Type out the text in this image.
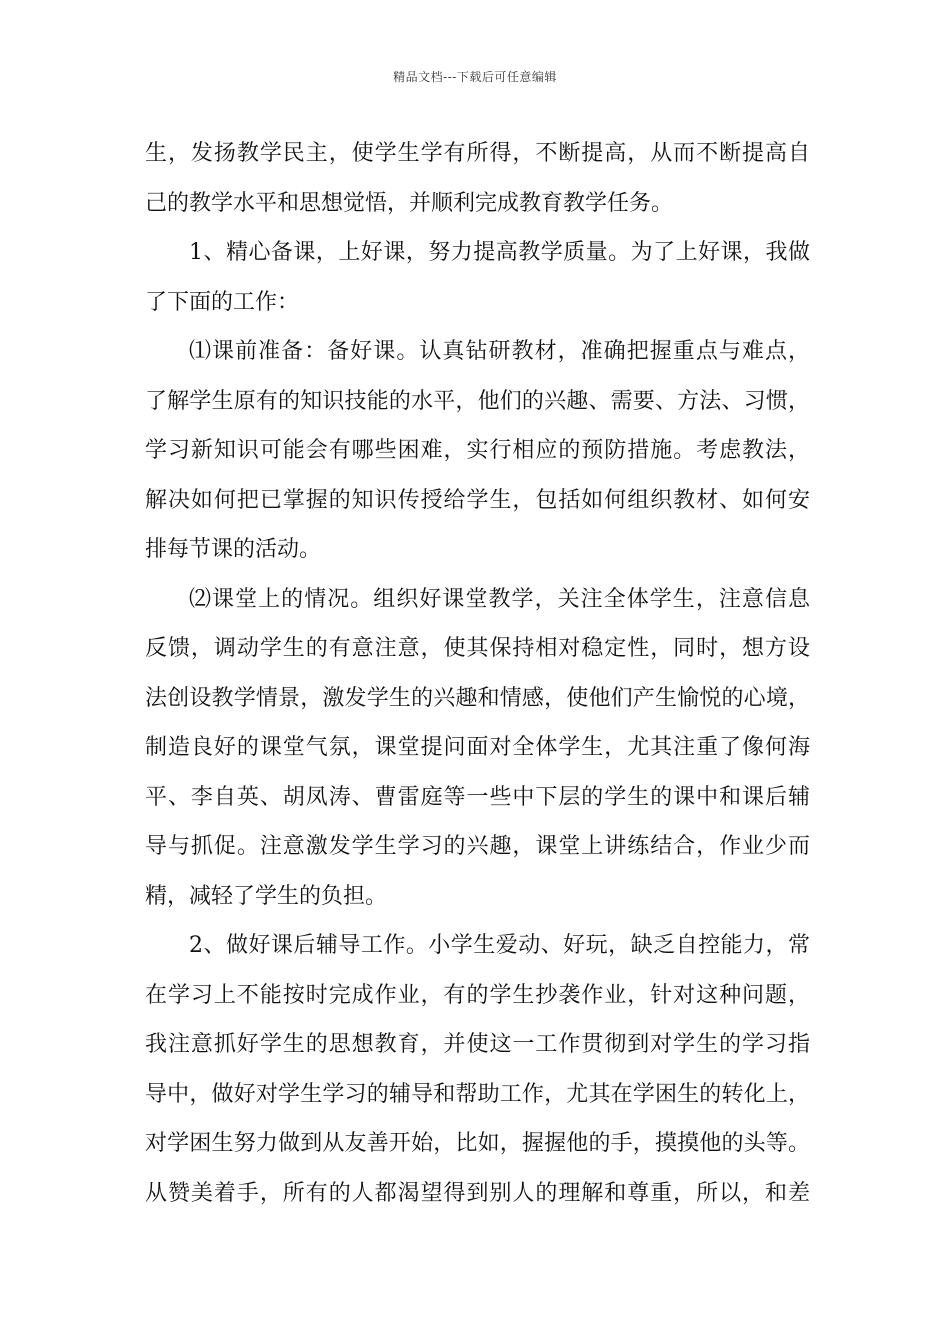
精品文档---下载后可任意编辑
生，发扬教学民主，使学生学有所得，不断提高，从而不断提高自
己的教学水平和思想觉悟，并顺利完成教育教学任务。
1、精心备课，上好课，努力提高教学质量。为了上好课，我做
了下面的工作：
⑴课前准备：备好课。认真钻研教材，准确把握重点与难点，
了解学生原有的知识技能的水平，他们的兴趣、需要、方法、习惯，
学习新知识可能会有哪些困难，实行相应的预防措施。考虑教法，
解决如何把已掌握的知识传授给学生，包括如何组织教材、如何安
排每节课的活动。
⑵课堂上的情况。组织好课堂教学，关注全体学生，注意信息
反馈，调动学生的有意注意，使其保持相对稳定性，同时，想方设
法创设教学情景，激发学生的兴趣和情感，使他们产生愉悦的心境，
制造良好的课堂气氛，课堂提问面对全体学生，尤其注重了像何海
平、李自英、胡凤涛、曹雷庭等一些中下层的学生的课中和课后辅
导与抓促。注意激发学生学习的兴趣，课堂上讲练结合，作业少而
精，减轻了学生的负担。
2、做好课后辅导工作。小学生爱动、好玩，缺乏自控能力，常
在学习上不能按时完成作业，有的学生抄袭作业，针对这种问题，
我注意抓好学生的思想教育，并使这一工作贯彻到对学生的学习指
导中，做好对学生学习的辅导和帮助工作，尤其在学困生的转化上，
对学困生努力做到从友善开始，比如，握握他的手，摸摸他的头等。
从赞美着手，所有的人都渴望得到别人的理解和尊重，所以，和差
